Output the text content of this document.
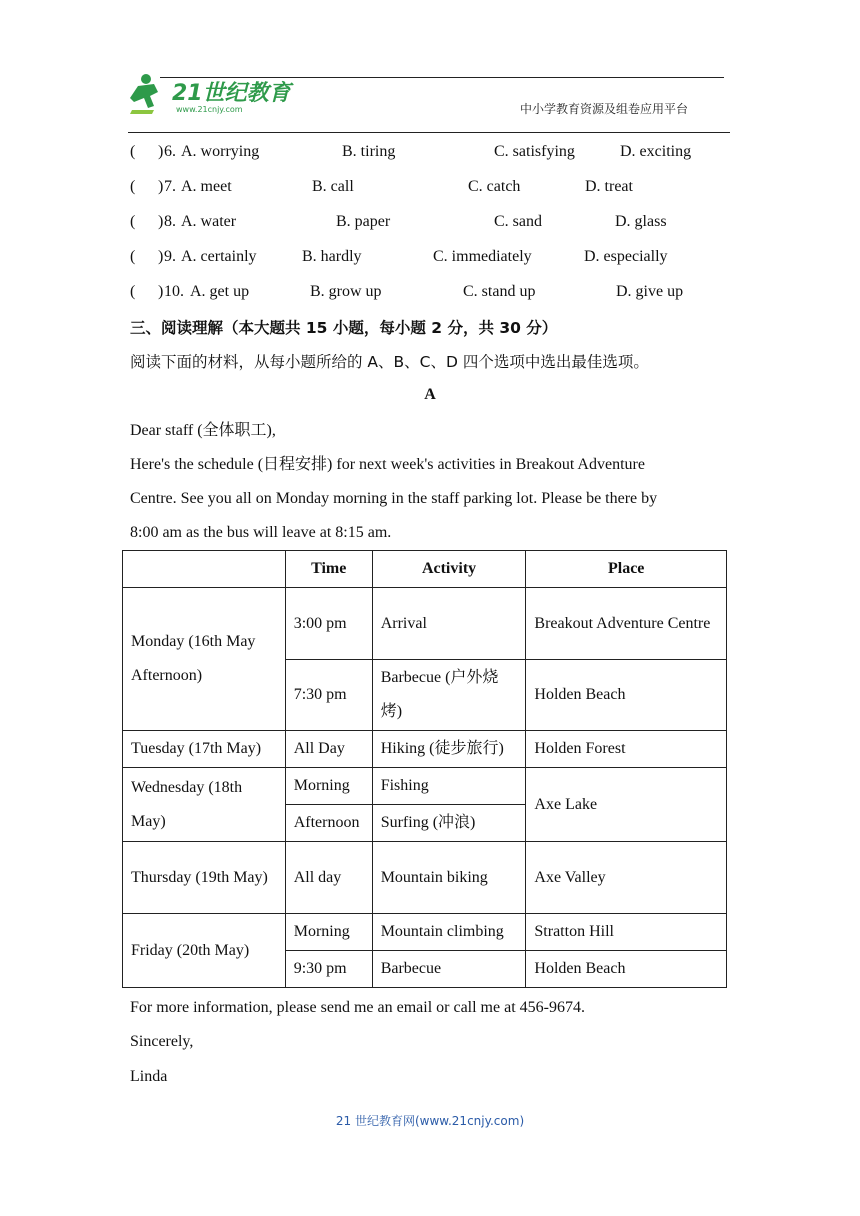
21世纪教育
www.21cnjy.com	中小学教育资源及组卷应用平台
( ) 6. A. worrying	B. tiring	C. satisfying	D. exciting
( ) 7. A. meet	B. call	C. catch	D. treat
( ) 8. A. water	B. paper	C. sand	D. glass
( ) 9. A. certainly	B. hardly	C. immediately	D. especially
( ) 10. A. get up	B. grow up	C. stand up	D. give up
三、阅读理解（本大题共 15 小题，每小题 2 分，共 30 分）
阅读下面的材料，从每小题所给的 A、B、C、D 四个选项中选出最佳选项。
A
Dear staff (全体职工),
Here's the schedule (日程安排) for next week's activities in Breakout Adventure
Centre. See you all on Monday morning in the staff parking lot. Please be there by
8:00 am as the bus will leave at 8:15 am.
	Time	Activity	Place
Monday (16th May Afternoon)	3:00 pm	Arrival	Breakout Adventure Centre
	7:30 pm	Barbecue (户外烧烤)	Holden Beach
Tuesday (17th May)	All Day	Hiking (徒步旅行)	Holden Forest
Wednesday (18th May)	Morning	Fishing	Axe Lake
	Afternoon	Surfing (冲浪)	
Thursday (19th May)	All day	Mountain biking	Axe Valley
Friday (20th May)	Morning	Mountain climbing	Stratton Hill
	9:30 pm	Barbecue	Holden Beach
For more information, please send me an email or call me at 456-9674.
Sincerely,
Linda
21 世纪教育网(www.21cnjy.com)
